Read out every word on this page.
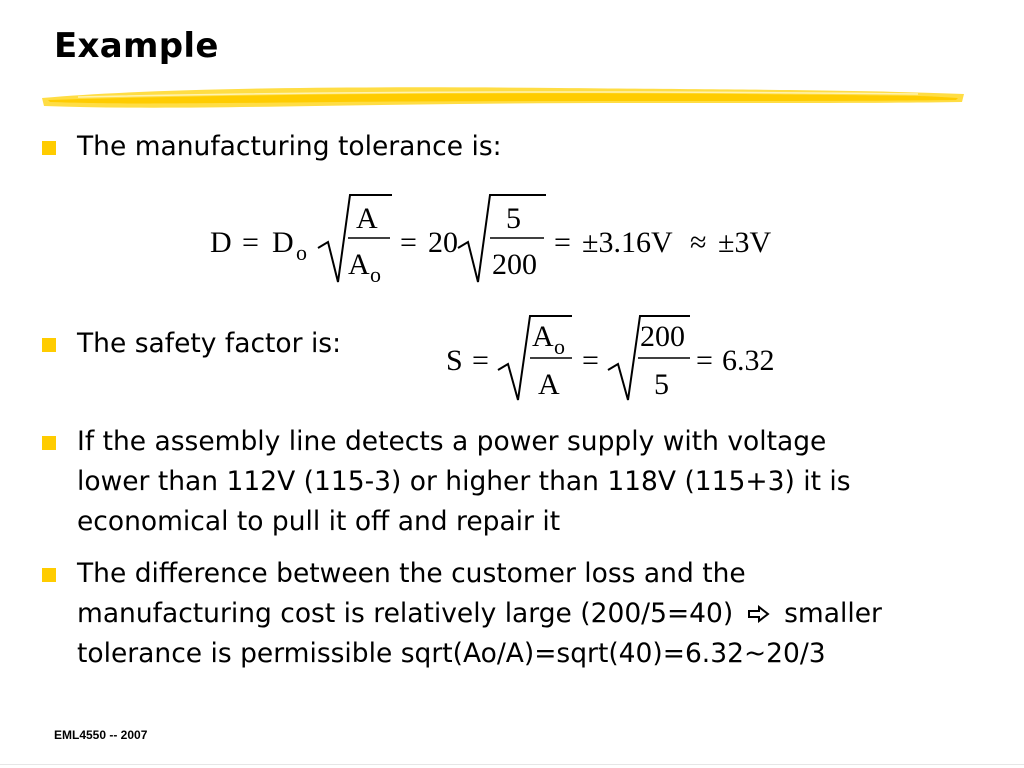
Example
The manufacturing tolerance is:
D = D o
A
A o
= 20
5
200
= ±3.16V ≈ ±3V
The safety factor is:
S =
A o
A
=
200
5
= 6.32
If the assembly line detects a power supply with voltage
lower than 112V (115-3) or higher than 118V (115+3) it is
economical to pull it off and repair it
The difference between the customer loss and the
manufacturing cost is relatively large (200/5=40) smaller
tolerance is permissible sqrt(Ao/A)=sqrt(40)=6.32~20/3
EML4550 -- 2007
